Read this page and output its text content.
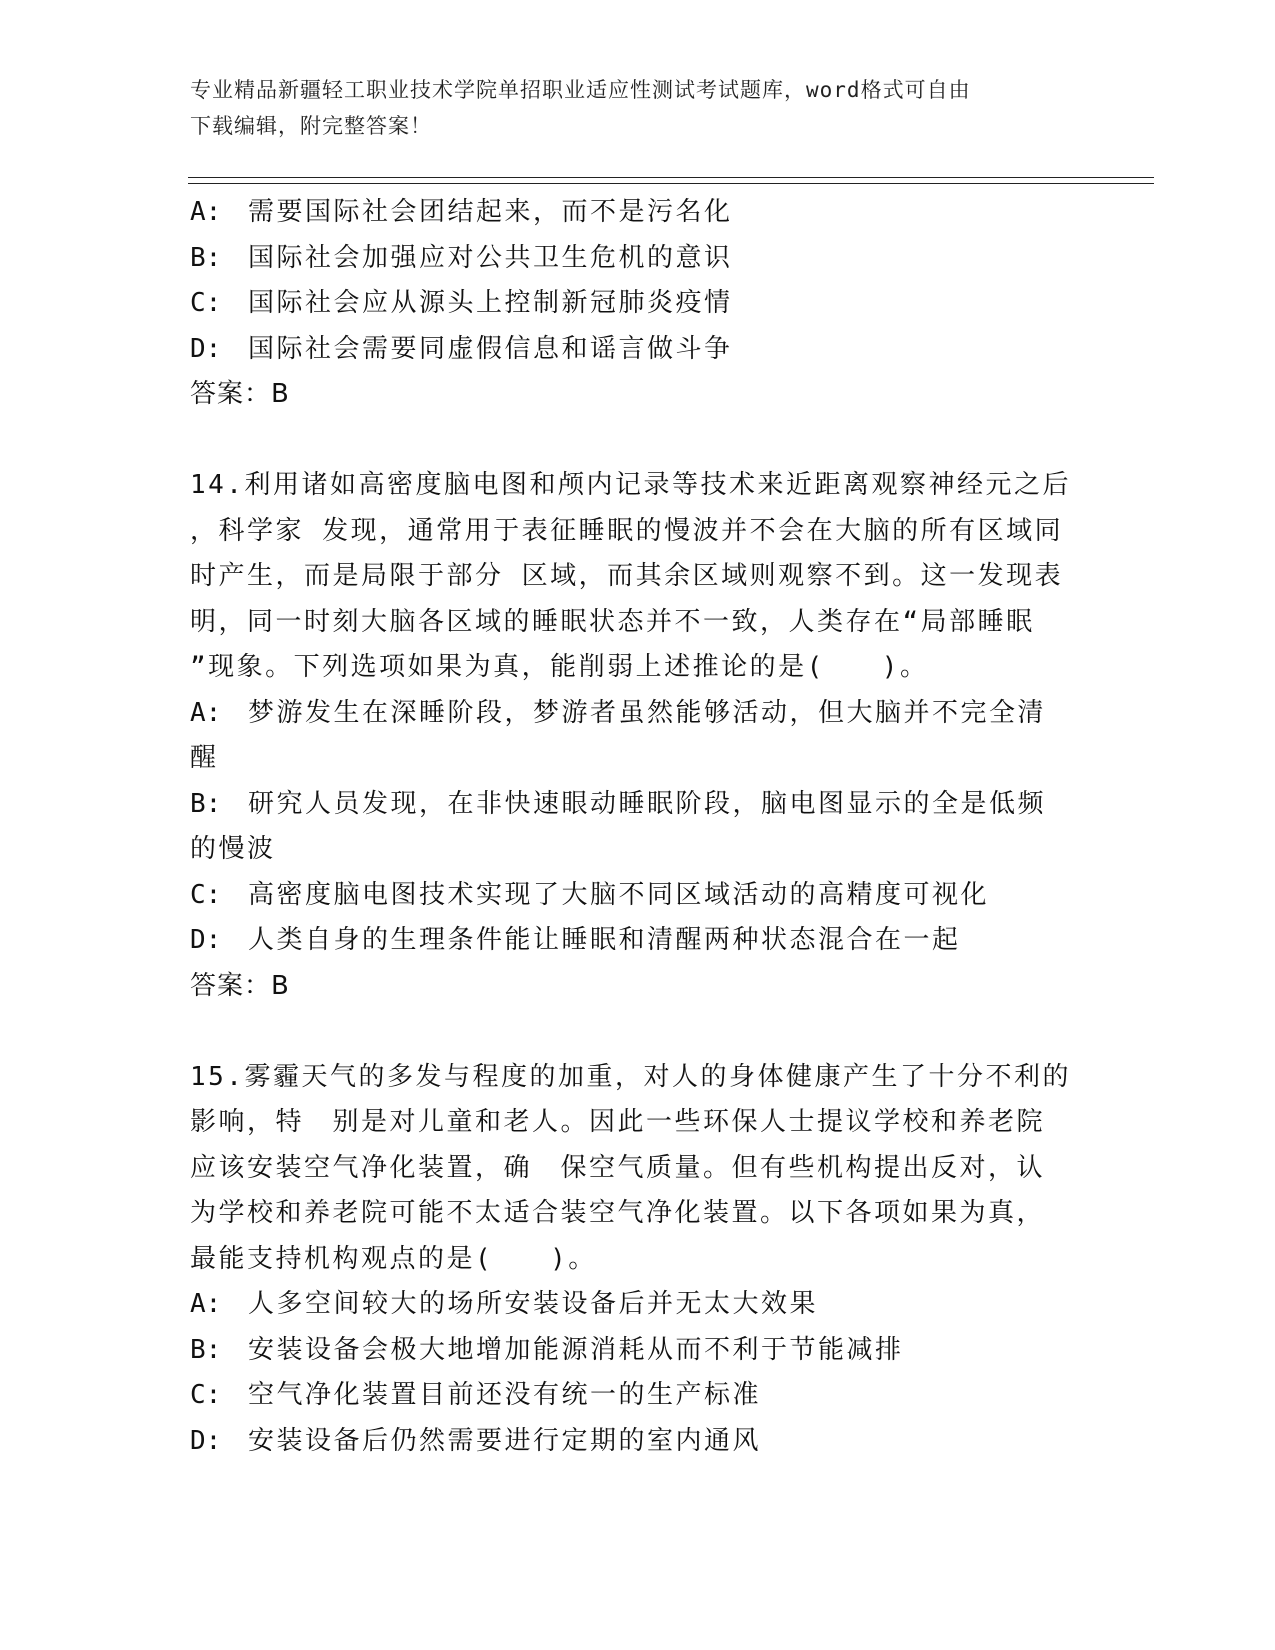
专业精品新疆轻工职业技术学院单招职业适应性测试考试题库，word格式可自由
下载编辑，附完整答案！
A: 需要国际社会团结起来，而不是污名化
B: 国际社会加强应对公共卫生危机的意识
C: 国际社会应从源头上控制新冠肺炎疫情
D: 国际社会需要同虚假信息和谣言做斗争
答案：B
14.利用诸如高密度脑电图和颅内记录等技术来近距离观察神经元之后
，科学家 发现，通常用于表征睡眠的慢波并不会在大脑的所有区域同
时产生，而是局限于部分 区域，而其余区域则观察不到。这一发现表
明，同一时刻大脑各区域的睡眠状态并不一致，人类存在“局部睡眠
”现象。下列选项如果为真，能削弱上述推论的是(　　)。
A: 梦游发生在深睡阶段，梦游者虽然能够活动，但大脑并不完全清
醒
B: 研究人员发现，在非快速眼动睡眠阶段，脑电图显示的全是低频
的慢波
C: 高密度脑电图技术实现了大脑不同区域活动的高精度可视化
D: 人类自身的生理条件能让睡眠和清醒两种状态混合在一起
答案：B
15.雾霾天气的多发与程度的加重，对人的身体健康产生了十分不利的
影响，特　别是对儿童和老人。因此一些环保人士提议学校和养老院
应该安装空气净化装置，确　保空气质量。但有些机构提出反对，认
为学校和养老院可能不太适合装空气净化装置。以下各项如果为真，
最能支持机构观点的是(　　)。
A: 人多空间较大的场所安装设备后并无太大效果
B: 安装设备会极大地增加能源消耗从而不利于节能减排
C: 空气净化装置目前还没有统一的生产标准
D: 安装设备后仍然需要进行定期的室内通风
